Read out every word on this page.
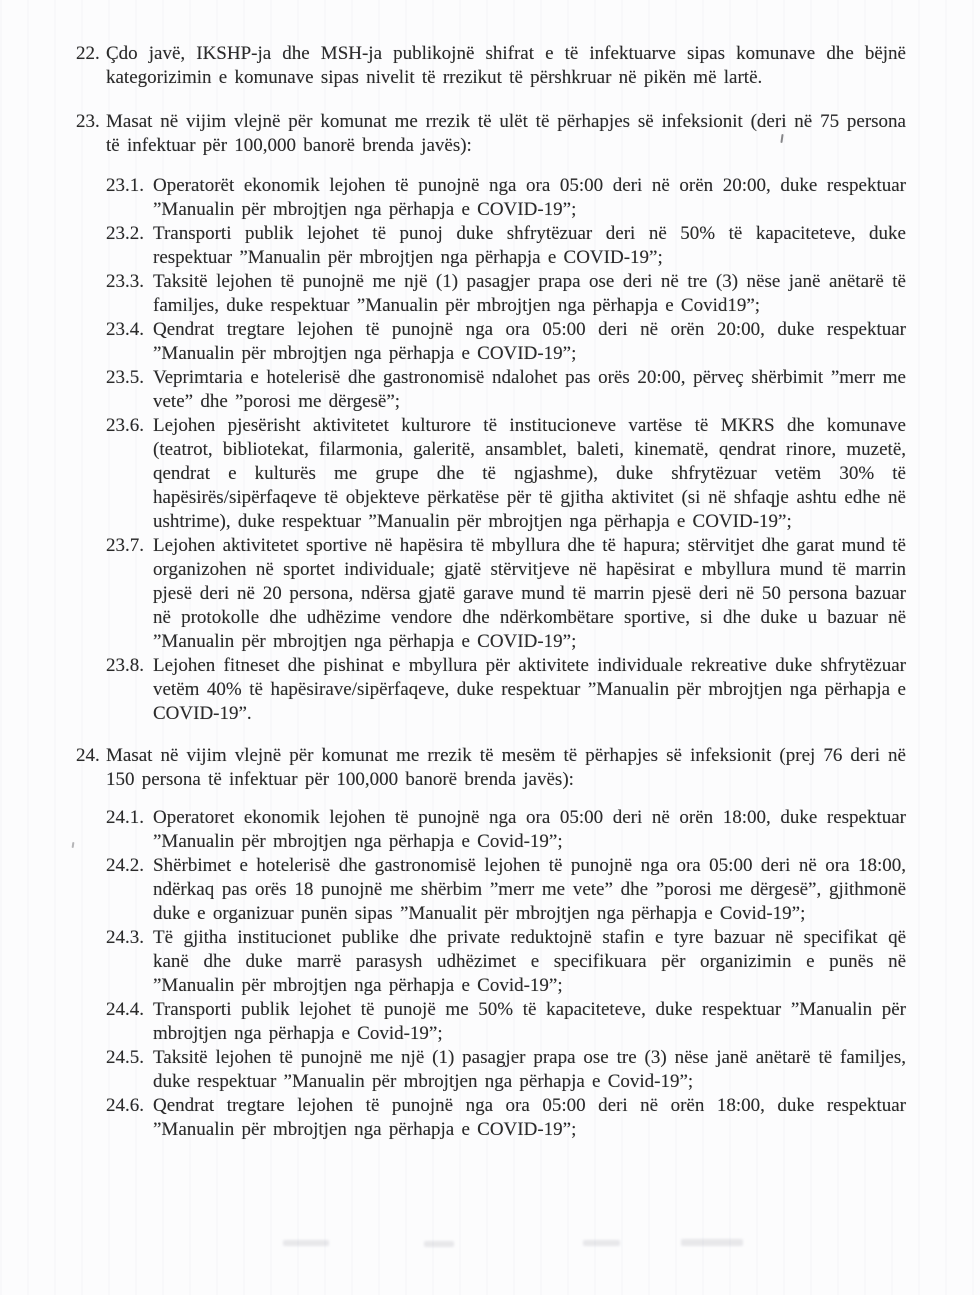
22. Çdo javë, IKSHP-ja dhe MSH-ja publikojnë shifrat e të infektuarve sipas komunave dhe bëjnë kategorizimin e komunave sipas nivelit të rrezikut të përshkruar në pikën më lartë.
23. Masat në vijim vlejnë për komunat me rrezik të ulët të përhapjes së infeksionit (deri në 75 persona të infektuar për 100,000 banorë brenda javës):
23.1. Operatorët ekonomik lejohen të punojnë nga ora 05:00 deri në orën 20:00, duke respektuar ”Manualin për mbrojtjen nga përhapja e COVID-19”;
23.2. Transporti publik lejohet të punoj duke shfrytëzuar deri në 50% të kapaciteteve, duke respektuar ”Manualin për mbrojtjen nga përhapja e COVID-19”;
23.3. Taksitë lejohen të punojnë me një (1) pasagjer prapa ose deri në tre (3) nëse janë anëtarë të familjes, duke respektuar ”Manualin për mbrojtjen nga përhapja e Covid19”;
23.4. Qendrat tregtare lejohen të punojnë nga ora 05:00 deri në orën 20:00, duke respektuar ”Manualin për mbrojtjen nga përhapja e COVID-19”;
23.5. Veprimtaria e hotelerisë dhe gastronomisë ndalohet pas orës 20:00, përveç shërbimit ”merr me vete” dhe ”porosi me dërgesë”;
23.6. Lejohen pjesërisht aktivitetet kulturore të institucioneve vartëse të MKRS dhe komunave (teatrot, bibliotekat, filarmonia, galeritë, ansamblet, baleti, kinematë, qendrat rinore, muzetë, qendrat e kulturës me grupe dhe të ngjashme), duke shfrytëzuar vetëm 30% të hapësirës/sipërfaqeve të objekteve përkatëse për të gjitha aktivitet (si në shfaqje ashtu edhe në ushtrime), duke respektuar ”Manualin për mbrojtjen nga përhapja e COVID-19”;
23.7. Lejohen aktivitetet sportive në hapësira të mbyllura dhe të hapura; stërvitjet dhe garat mund të organizohen në sportet individuale; gjatë stërvitjeve në hapësirat e mbyllura mund të marrin pjesë deri në 20 persona, ndërsa gjatë garave mund të marrin pjesë deri në 50 persona bazuar në protokolle dhe udhëzime vendore dhe ndërkombëtare sportive, si dhe duke u bazuar në ”Manualin për mbrojtjen nga përhapja e COVID-19”;
23.8. Lejohen fitneset dhe pishinat e mbyllura për aktivitete individuale rekreative duke shfrytëzuar vetëm 40% të hapësirave/sipërfaqeve, duke respektuar ”Manualin për mbrojtjen nga përhapja e COVID-19”.
24. Masat në vijim vlejnë për komunat me rrezik të mesëm të përhapjes së infeksionit (prej 76 deri në 150 persona të infektuar për 100,000 banorë brenda javës):
24.1. Operatoret ekonomik lejohen të punojnë nga ora 05:00 deri në orën 18:00, duke respektuar ”Manualin për mbrojtjen nga përhapja e Covid-19”;
24.2. Shërbimet e hotelerisë dhe gastronomisë lejohen të punojnë nga ora 05:00 deri në ora 18:00, ndërkaq pas orës 18 punojnë me shërbim ”merr me vete” dhe ”porosi me dërgesë”, gjithmonë duke e organizuar punën sipas ”Manualit për mbrojtjen nga përhapja e Covid-19”;
24.3. Të gjitha institucionet publike dhe private reduktojnë stafin e tyre bazuar në specifikat që kanë dhe duke marrë parasysh udhëzimet e specifikuara për organizimin e punës në ”Manualin për mbrojtjen nga përhapja e Covid-19”;
24.4. Transporti publik lejohet të punojë me 50% të kapaciteteve, duke respektuar ”Manualin për mbrojtjen nga përhapja e Covid-19”;
24.5. Taksitë lejohen të punojnë me një (1) pasagjer prapa ose tre (3) nëse janë anëtarë të familjes, duke respektuar ”Manualin për mbrojtjen nga përhapja e Covid-19”;
24.6. Qendrat tregtare lejohen të punojnë nga ora 05:00 deri në orën 18:00, duke respektuar ”Manualin për mbrojtjen nga përhapja e COVID-19”;
